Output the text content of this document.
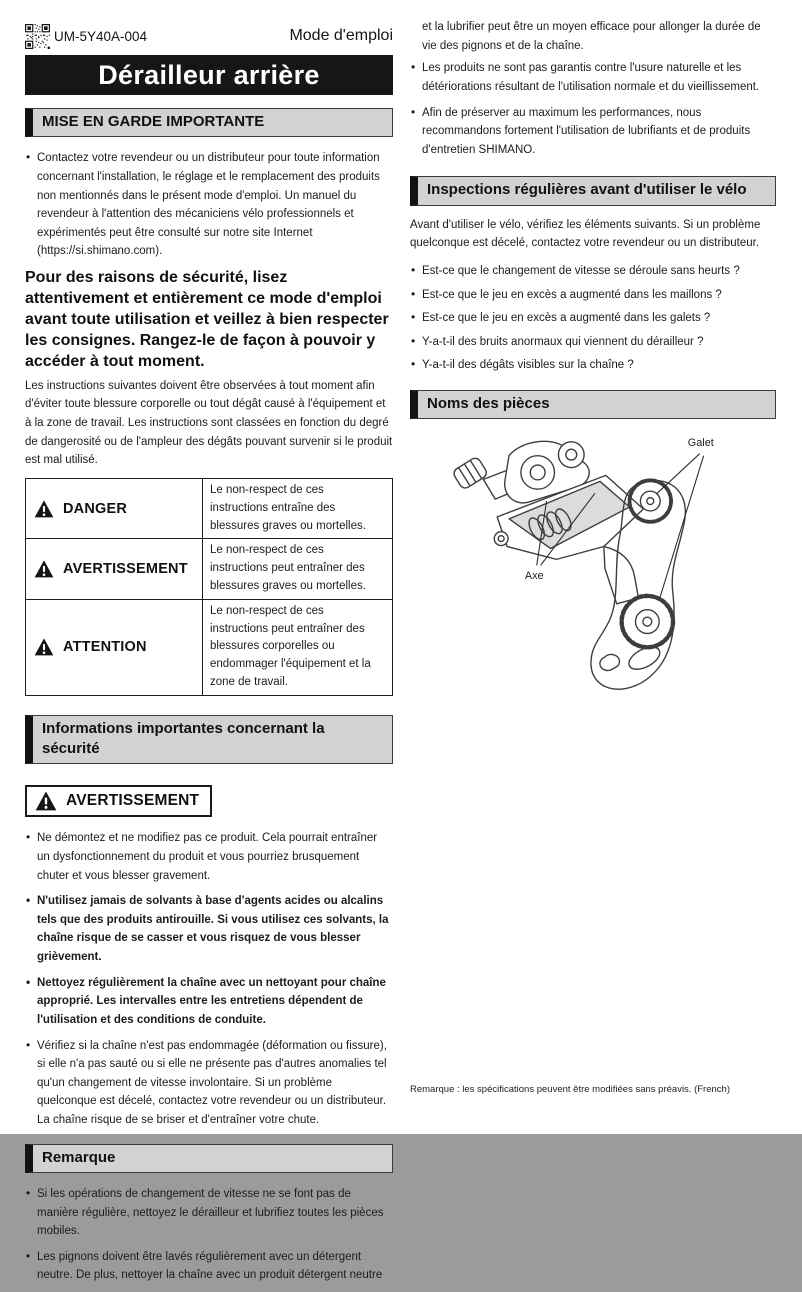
UM-5Y40A-004	Mode d'emploi
Dérailleur arrière
MISE EN GARDE IMPORTANTE
• Contactez votre revendeur ou un distributeur pour toute information concernant l'installation, le réglage et le remplacement des produits non mentionnés dans le présent mode d'emploi. Un manuel du revendeur à l'attention des mécaniciens vélo professionnels et expérimentés peut être consulté sur notre site Internet (https://si.shimano.com).

Pour des raisons de sécurité, lisez attentivement et entièrement ce mode d'emploi avant toute utilisation et veillez à bien respecter les consignes. Rangez-le de façon à pouvoir y accéder à tout moment.

Les instructions suivantes doivent être observées à tout moment afin d'éviter toute blessure corporelle ou tout dégât causé à l'équipement et à la zone de travail. Les instructions sont classées en fonction du degré de dangerosité ou de l'ampleur des dégâts pouvant survenir si le produit est mal utilisé.

DANGER	Le non-respect de ces instructions entraîne des blessures graves ou mortelles.

AVERTISSEMENT	Le non-respect de ces instructions peut entraîner des blessures graves ou mortelles.

ATTENTION	Le non-respect de ces instructions peut entraîner des blessures corporelles ou endommager l'équipement et la zone de travail.
Informations importantes concernant la sécurité
AVERTISSEMENT
• Ne démontez et ne modifiez pas ce produit. Cela pourrait entraîner un dysfonctionnement du produit et vous pourriez brusquement chuter et vous blesser gravement.
• N'utilisez jamais de solvants à base d'agents acides ou alcalins tels que des produits antirouille. Si vous utilisez ces solvants, la chaîne risque de se casser et vous risquez de vous blesser grièvement.
• Nettoyez régulièrement la chaîne avec un nettoyant pour chaîne approprié. Les intervalles entre les entretiens dépendent de l'utilisation et des conditions de conduite.
• Vérifiez si la chaîne n'est pas endommagée (déformation ou fissure), si elle n'a pas sauté ou si elle ne présente pas d'autres anomalies tel qu'un changement de vitesse involontaire. Si un problème quelconque est décelé, contactez votre revendeur ou un distributeur. La chaîne risque de se briser et d'entraîner votre chute.
Remarque
• Si les opérations de changement de vitesse ne se font pas de manière régulière, nettoyez le dérailleur et lubrifiez toutes les pièces mobiles.
• Les pignons doivent être lavés régulièrement avec un détergent neutre. De plus, nettoyer la chaîne avec un produit détergent neutre

et la lubrifier peut être un moyen efficace pour allonger la durée de vie des pignons et de la chaîne.

• Les produits ne sont pas garantis contre l'usure naturelle et les détériorations résultant de l'utilisation normale et du vieillissement.
• Afin de préserver au maximum les performances, nous recommandons fortement l'utilisation de lubrifiants et de produits d'entretien SHIMANO.
Inspections régulières avant d'utiliser le vélo

Avant d'utiliser le vélo, vérifiez les éléments suivants. Si un problème quelconque est décelé, contactez votre revendeur ou un distributeur.

• Est-ce que le changement de vitesse se déroule sans heurts ?
• Est-ce que le jeu en excès a augmenté dans les maillons ?
• Est-ce que le jeu en excès a augmenté dans les galets ?
• Y-a-t-il des bruits anormaux qui viennent du dérailleur ?
• Y-a-t-il des dégâts visibles sur la chaîne ?
Noms des pièces
Galet
Axe
Remarque : les spécifications peuvent être modifiées sans préavis. (French)
